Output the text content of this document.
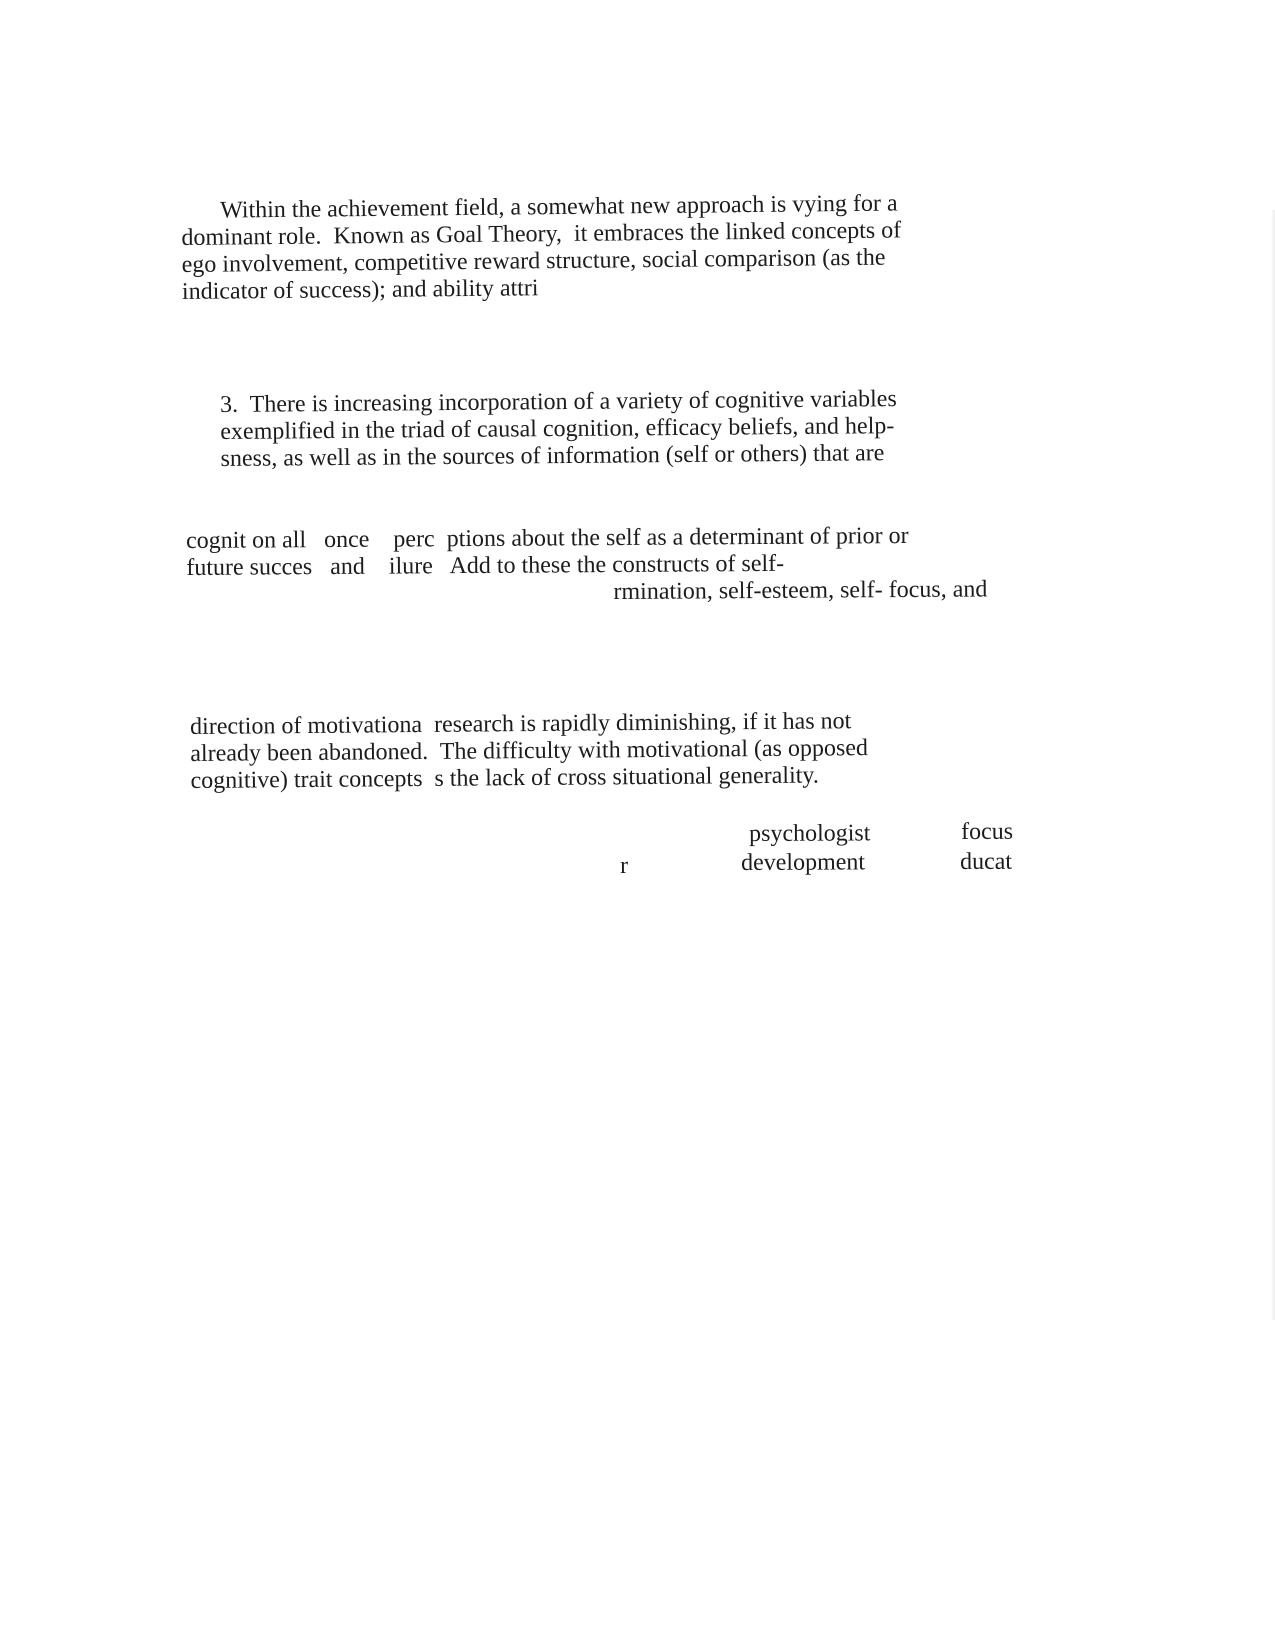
Within the achievement field, a somewhat new approach is vying for a
dominant role.  Known as Goal Theory,  it embraces the linked concepts of
ego involvement, competitive reward structure, social comparison (as the
indicator of success); and ability attri
3.  There is increasing incorporation of a variety of cognitive variables
exemplified in the triad of causal cognition, efficacy beliefs, and help-
sness, as well as in the sources of information (self or others) that are
cognit on all   once    perc  ptions about the self as a determinant of prior or
future succes   and    ilure   Add to these the constructs of self-
rmination, self-esteem, self- focus, and
direction of motivationa  research is rapidly diminishing, if it has not
already been abandoned.  The difficulty with motivational (as opposed
cognitive) trait concepts  s the lack of cross situational generality.
psychologist	focus
r	development	ducat
